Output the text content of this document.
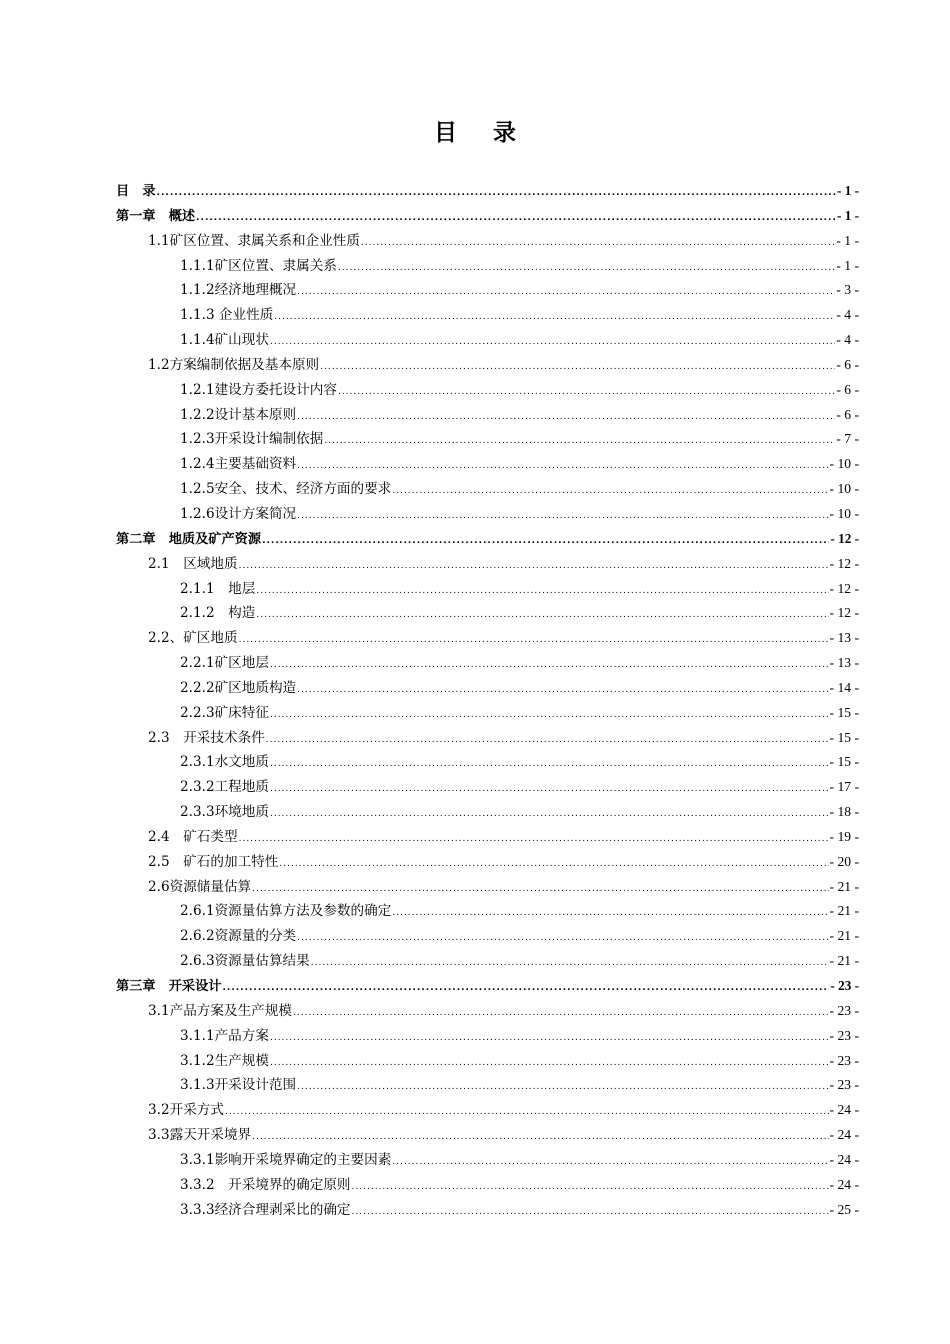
目 录
目　录 .....	- 1 -
第一章　概述 .....	- 1 -
1.1矿区位置、隶属关系和企业性质 .....	- 1 -
1.1.1矿区位置、隶属关系 .....	- 1 -
1.1.2经济地理概况 .....	- 3 -
1.1.3 企业性质 .....	- 4 -
1.1.4矿山现状 .....	- 4 -
1.2方案编制依据及基本原则 .....	- 6 -
1.2.1建设方委托设计内容 .....	- 6 -
1.2.2设计基本原则 .....	- 6 -
1.2.3开采设计编制依据 .....	- 7 -
1.2.4主要基础资料 .....	- 10 -
1.2.5安全、技术、经济方面的要求 .....	- 10 -
1.2.6设计方案简况 .....	- 10 -
第二章　地质及矿产资源 .....	- 12 -
2.1　区域地质 .....	- 12 -
2.1.1　地层 .....	- 12 -
2.1.2　构造 .....	- 12 -
2.2、矿区地质 .....	- 13 -
2.2.1矿区地层 .....	- 13 -
2.2.2矿区地质构造 .....	- 14 -
2.2.3矿床特征 .....	- 15 -
2.3　开采技术条件 .....	- 15 -
2.3.1水文地质 .....	- 15 -
2.3.2工程地质 .....	- 17 -
2.3.3环境地质 .....	- 18 -
2.4　矿石类型 .....	- 19 -
2.5　矿石的加工特性 .....	- 20 -
2.6资源储量估算 .....	- 21 -
2.6.1资源量估算方法及参数的确定 .....	- 21 -
2.6.2资源量的分类 .....	- 21 -
2.6.3资源量估算结果 .....	- 21 -
第三章　开采设计 .....	- 23 -
3.1产品方案及生产规模 .....	- 23 -
3.1.1产品方案 .....	- 23 -
3.1.2生产规模 .....	- 23 -
3.1.3开采设计范围 .....	- 23 -
3.2开采方式 .....	- 24 -
3.3露天开采境界 .....	- 24 -
3.3.1影响开采境界确定的主要因素 .....	- 24 -
3.3.2　开采境界的确定原则 .....	- 24 -
3.3.3经济合理剥采比的确定 .....	- 25 -
